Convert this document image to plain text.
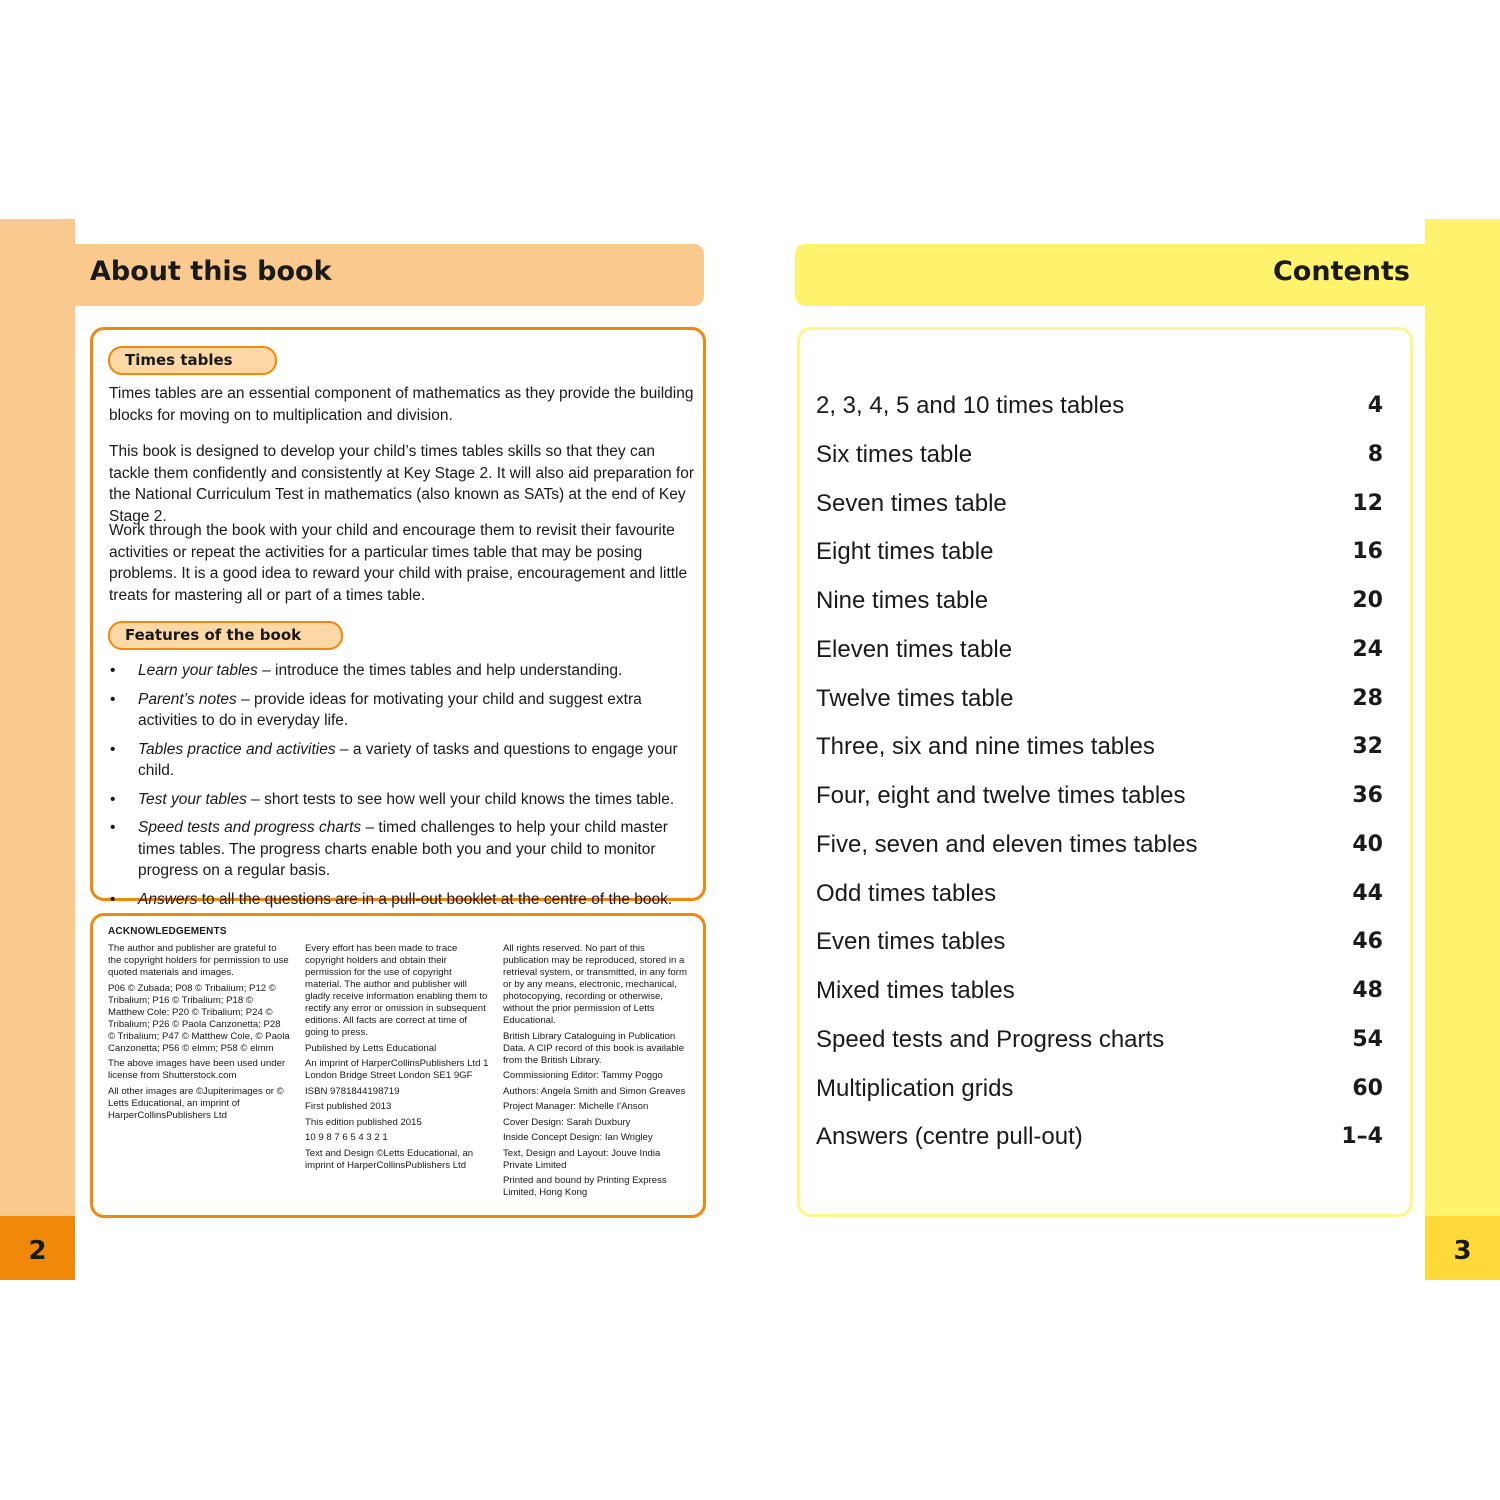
2
About this book
Times tables

Times tables are an essential component of mathematics as they provide the building blocks for moving on to multiplication and division.

This book is designed to develop your child’s times tables skills so that they can tackle them confidently and consistently at Key Stage 2. It will also aid preparation for the National Curriculum Test in mathematics (also known as SATs) at the end of Key Stage 2.

Work through the book with your child and encourage them to revisit their favourite activities or repeat the activities for a particular times table that may be posing problems. It is a good idea to reward your child with praise, encouragement and little treats for mastering all or part of a times table.

Features of the book
• Learn your tables – introduce the times tables and help understanding.
• Parent’s notes – provide ideas for motivating your child and suggest extra activities to do in everyday life.
• Tables practice and activities – a variety of tasks and questions to engage your child.
• Test your tables – short tests to see how well your child knows the times table.
• Speed tests and progress charts – timed challenges to help your child master times tables. The progress charts enable both you and your child to monitor progress on a regular basis.
• Answers to all the questions are in a pull-out booklet at the centre of the book.
ACKNOWLEDGEMENTS

The author and publisher are grateful to the copyright holders for permission to use quoted materials and images.

P06 © Zubada; P08 © Tribalium; P12 © Tribalium; P16 © Tribalium; P18 © Matthew Cole; P20 © Tribalium; P24 © Tribalium; P26 © Paola Canzonetta; P28 © Tribalium; P47 © Matthew Cole, © Paola Canzonetta; P56 © elmm; P58 © elmm

The above images have been used under license from Shutterstock.com

All other images are ©Jupiterimages or © Letts Educational, an imprint of HarperCollinsPublishers Ltd

Every effort has been made to trace copyright holders and obtain their permission for the use of copyright material. The author and publisher will gladly receive information enabling them to rectify any error or omission in subsequent editions. All facts are correct at time of going to press.

Published by Letts Educational

An imprint of HarperCollinsPublishers Ltd 1 London Bridge Street London SE1 9GF

ISBN 9781844198719

First published 2013

This edition published 2015

10 9 8 7 6 5 4 3 2 1

Text and Design ©Letts Educational, an imprint of HarperCollinsPublishers Ltd

All rights reserved. No part of this publication may be reproduced, stored in a retrieval system, or transmitted, in any form or by any means, electronic, mechanical, photocopying, recording or otherwise, without the prior permission of Letts Educational.

British Library Cataloguing in Publication Data. A CIP record of this book is available from the British Library.

Commissioning Editor: Tammy Poggo

Authors: Angela Smith and Simon Greaves

Project Manager: Michelle I'Anson

Cover Design: Sarah Duxbury

Inside Concept Design: Ian Wrigley

Text, Design and Layout: Jouve India Private Limited

Printed and bound by Printing Express Limited, Hong Kong

3
Contents
2, 3, 4, 5 and 10 times tables	4
Six times table	8
Seven times table	12
Eight times table	16
Nine times table	20
Eleven times table	24
Twelve times table	28
Three, six and nine times tables	32
Four, eight and twelve times tables	36
Five, seven and eleven times tables	40
Odd times tables	44
Even times tables	46
Mixed times tables	48
Speed tests and Progress charts	54
Multiplication grids	60
Answers (centre pull-out)	1–4
